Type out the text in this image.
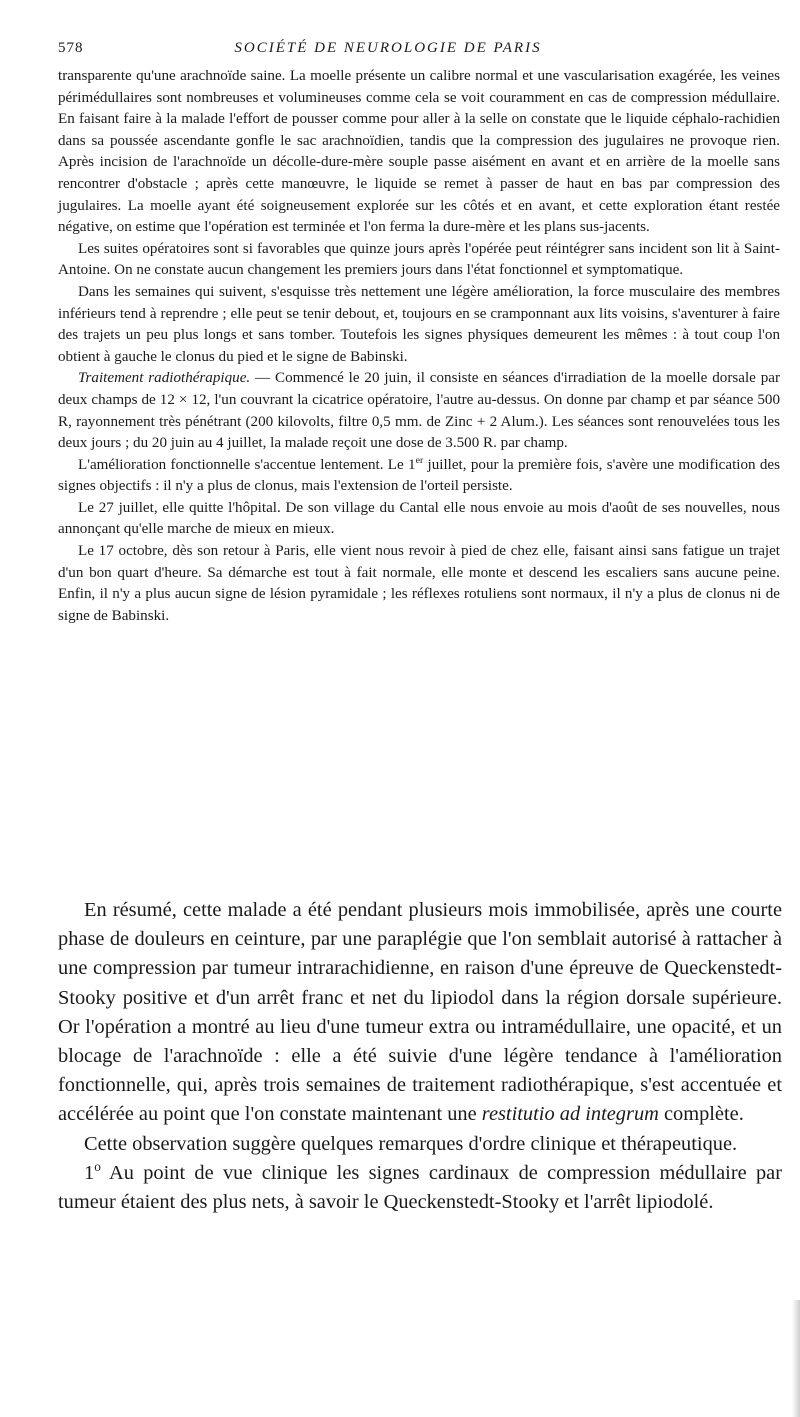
578	SOCIÉTÉ DE NEUROLOGIE DE PARIS

transparente qu'une arachnoïde saine. La moelle présente un calibre normal et une vascularisation exagérée, les veines périmédullaires sont nombreuses et volumineuses comme cela se voit couramment en cas de compression médullaire. En faisant faire à la malade l'effort de pousser comme pour aller à la selle on constate que le liquide céphalo-rachidien dans sa poussée ascendante gonfle le sac arachnoïdien, tandis que la compression des jugulaires ne provoque rien. Après incision de l'arachnoïde un décolle-dure-mère souple passe aisément en avant et en arrière de la moelle sans rencontrer d'obstacle ; après cette manœuvre, le liquide se remet à passer de haut en bas par compression des jugulaires. La moelle ayant été soigneusement explorée sur les côtés et en avant, et cette exploration étant restée négative, on estime que l'opération est terminée et l'on ferma la dure-mère et les plans sus-jacents.

Les suites opératoires sont si favorables que quinze jours après l'opérée peut réintégrer sans incident son lit à Saint-Antoine. On ne constate aucun changement les premiers jours dans l'état fonctionnel et symptomatique.

Dans les semaines qui suivent, s'esquisse très nettement une légère amélioration, la force musculaire des membres inférieurs tend à reprendre ; elle peut se tenir debout, et, toujours en se cramponnant aux lits voisins, s'aventurer à faire des trajets un peu plus longs et sans tomber. Toutefois les signes physiques demeurent les mêmes : à tout coup l'on obtient à gauche le clonus du pied et le signe de Babinski.

Traitement radiothérapique. — Commencé le 20 juin, il consiste en séances d'irradiation de la moelle dorsale par deux champs de 12 × 12, l'un couvrant la cicatrice opératoire, l'autre au-dessus. On donne par champ et par séance 500 R, rayonnement très pénétrant (200 kilovolts, filtre 0,5 mm. de Zinc + 2 Alum.). Les séances sont renouvelées tous les deux jours ; du 20 juin au 4 juillet, la malade reçoit une dose de 3.500 R. par champ.

L'amélioration fonctionnelle s'accentue lentement. Le 1er juillet, pour la première fois, s'avère une modification des signes objectifs : il n'y a plus de clonus, mais l'extension de l'orteil persiste.

Le 27 juillet, elle quitte l'hôpital. De son village du Cantal elle nous envoie au mois d'août de ses nouvelles, nous annonçant qu'elle marche de mieux en mieux.

Le 17 octobre, dès son retour à Paris, elle vient nous revoir à pied de chez elle, faisant ainsi sans fatigue un trajet d'un bon quart d'heure. Sa démarche est tout à fait normale, elle monte et descend les escaliers sans aucune peine. Enfin, il n'y a plus aucun signe de lésion pyramidale ; les réflexes rotuliens sont normaux, il n'y a plus de clonus ni de signe de Babinski.

En résumé, cette malade a été pendant plusieurs mois immobilisée, après une courte phase de douleurs en ceinture, par une paraplégie que l'on semblait autorisé à rattacher à une compression par tumeur intrarachidienne, en raison d'une épreuve de Queckenstedt-Stooky positive et d'un arrêt franc et net du lipiodol dans la région dorsale supérieure. Or l'opération a montré au lieu d'une tumeur extra ou intramédullaire, une opacité, et un blocage de l'arachnoïde : elle a été suivie d'une légère tendance à l'amélioration fonctionnelle, qui, après trois semaines de traitement radiothérapique, s'est accentuée et accélérée au point que l'on constate maintenant une restitutio ad integrum complète.

Cette observation suggère quelques remarques d'ordre clinique et thérapeutique.

1$^o$ Au point de vue clinique les signes cardinaux de compression médullaire par tumeur étaient des plus nets, à savoir le Queckenstedt-Stooky et l'arrêt lipiodolé.
